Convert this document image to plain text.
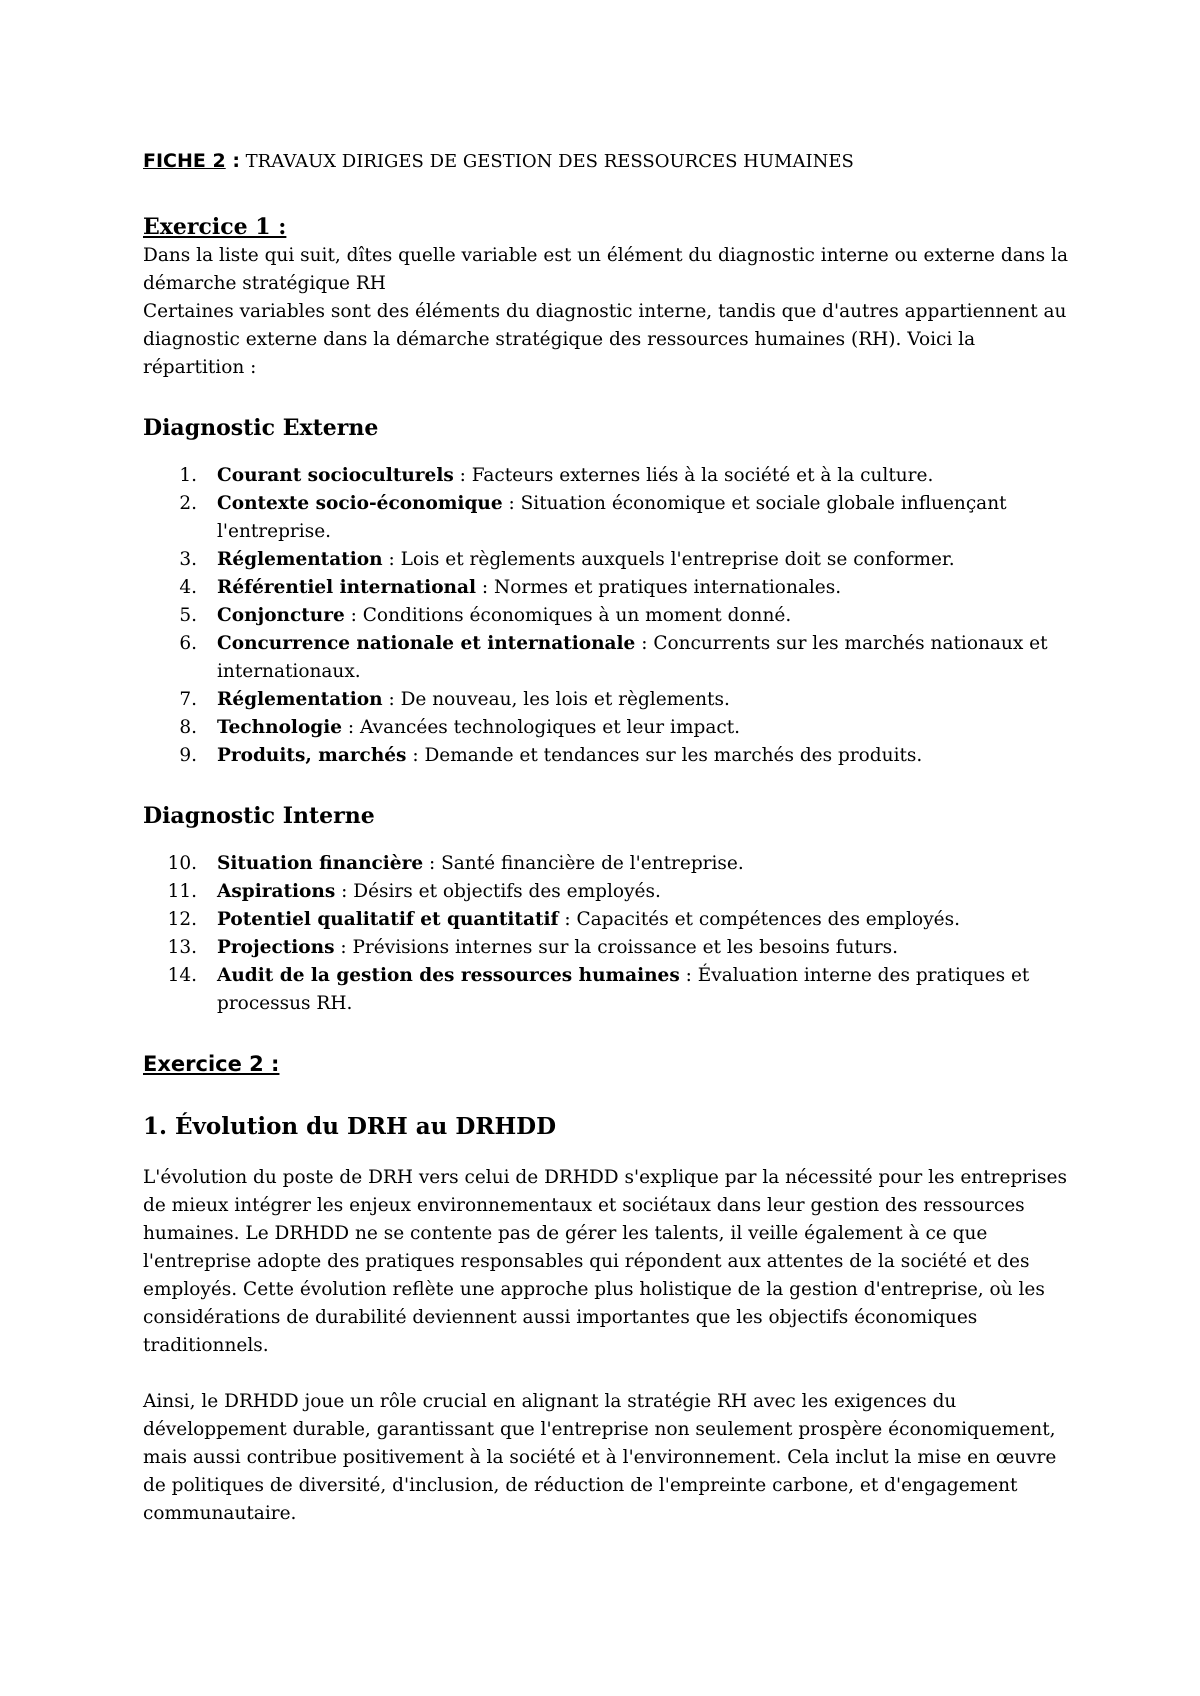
FICHE 2 : TRAVAUX DIRIGES DE GESTION DES RESSOURCES HUMAINES

Exercice 1 :

Dans la liste qui suit, dîtes quelle variable est un élément du diagnostic interne ou externe dans la démarche stratégique RH

Certaines variables sont des éléments du diagnostic interne, tandis que d'autres appartiennent au diagnostic externe dans la démarche stratégique des ressources humaines (RH). Voici la répartition :

Diagnostic Externe
1. Courant socioculturels : Facteurs externes liés à la société et à la culture.
2. Contexte socio-économique : Situation économique et sociale globale influençant l'entreprise.
3. Réglementation : Lois et règlements auxquels l'entreprise doit se conformer.
4. Référentiel international : Normes et pratiques internationales.
5. Conjoncture : Conditions économiques à un moment donné.
6. Concurrence nationale et internationale : Concurrents sur les marchés nationaux et internationaux.
7. Réglementation : De nouveau, les lois et règlements.
8. Technologie : Avancées technologiques et leur impact.
9. Produits, marchés : Demande et tendances sur les marchés des produits.
Diagnostic Interne
10. Situation financière : Santé financière de l'entreprise.
11. Aspirations : Désirs et objectifs des employés.
12. Potentiel qualitatif et quantitatif : Capacités et compétences des employés.
13. Projections : Prévisions internes sur la croissance et les besoins futurs.
14. Audit de la gestion des ressources humaines : Évaluation interne des pratiques et processus RH.
Exercice 2 :
1. Évolution du DRH au DRHDD

L'évolution du poste de DRH vers celui de DRHDD s'explique par la nécessité pour les entreprises de mieux intégrer les enjeux environnementaux et sociétaux dans leur gestion des ressources humaines. Le DRHDD ne se contente pas de gérer les talents, il veille également à ce que l'entreprise adopte des pratiques responsables qui répondent aux attentes de la société et des employés. Cette évolution reflète une approche plus holistique de la gestion d'entreprise, où les considérations de durabilité deviennent aussi importantes que les objectifs économiques traditionnels.

Ainsi, le DRHDD joue un rôle crucial en alignant la stratégie RH avec les exigences du développement durable, garantissant que l'entreprise non seulement prospère économiquement, mais aussi contribue positivement à la société et à l'environnement. Cela inclut la mise en œuvre de politiques de diversité, d'inclusion, de réduction de l'empreinte carbone, et d'engagement communautaire.
